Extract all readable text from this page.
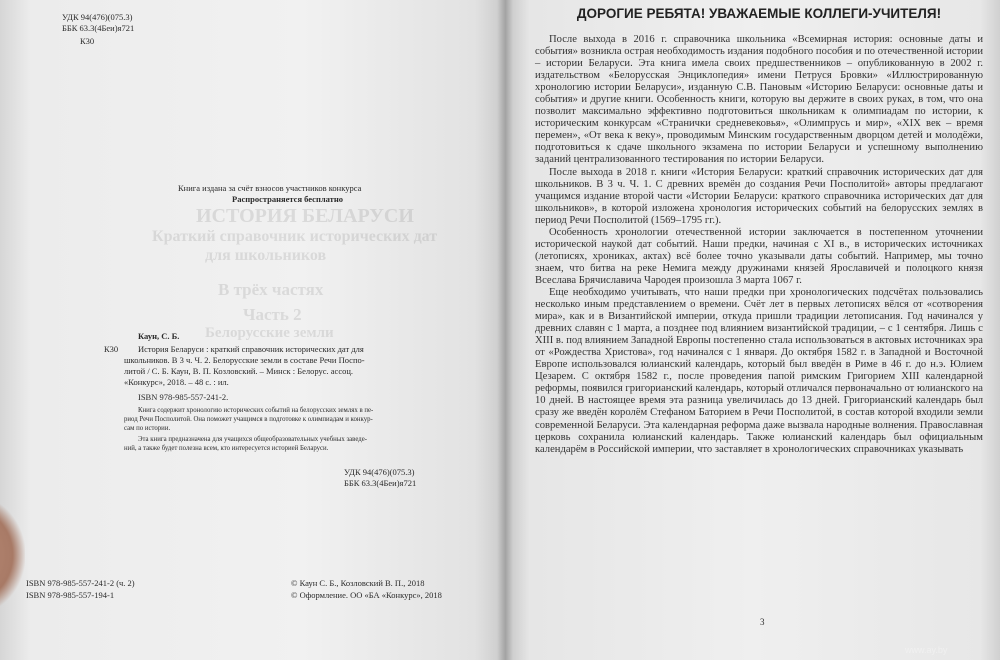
УДК 94(476)(075.3)
ББК 63.3(4Беи)я721
К30
Книга издана за счёт взносов участников конкурса
Распространяется бесплатно
ИСТОРИЯ БЕЛАРУСИ
Краткий справочник исторических дат
для школьников
В трёх частях
Часть 2
Белорусские земли
Каун, С. Б.
К30 История Беларуси : краткий справочник исторических дат для
школьников. В 3 ч. Ч. 2. Белорусские земли в составе Речи Поспо-
литой / С. Б. Каун, В. П. Козловский. – Минск : Белорус. ассоц.
«Конкурс», 2018. – 48 с. : ил.
ISBN 978-985-557-241-2.
Книга содержит хронологию исторических событий на белорусских землях в пе-
риод Речи Посполитой. Она поможет учащимся в подготовке к олимпиадам и конкур-
сам по истории.
Эта книга предназначена для учащихся общеобразовательных учебных заведе-
ний, а также будет полезна всем, кто интересуется историей Беларуси.
УДК 94(476)(075.3)
ББК 63.3(4Беи)я721
ISBN 978-985-557-241-2 (ч. 2)
ISBN 978-985-557-194-1
© Каун С. Б., Козловский В. П., 2018
© Оформление. ОО «БА «Конкурс», 2018
ДОРОГИЕ РЕБЯТА! УВАЖАЕМЫЕ КОЛЛЕГИ-УЧИТЕЛЯ!

После выхода в 2016 г. справочника школьника «Всемирная история: основные даты и события» возникла острая необходимость издания подобного пособия и по отечественной истории – истории Беларуси. Эта книга имела своих предшественников – опубликованную в 2002 г. издательством «Белорусская Энциклопедия» имени Петруся Бровки» «Иллюстрированную хронологию истории Беларуси», изданную С.В. Пановым «Историю Беларуси: основные даты и события» и другие книги. Особенность книги, которую вы держите в своих руках, в том, что она позволит максимально эффективно подготовиться школьникам к олимпиадам по истории, к историческим конкурсам «Странички средневековья», «Олимпрусь и мир», «XIX век – время перемен», «От века к веку», проводимым Минским государственным дворцом детей и молодёжи, подготовиться к сдаче школьного экзамена по истории Беларуси и успешному выполнению заданий централизованного тестирования по истории Беларуси.

После выхода в 2018 г. книги «История Беларуси: краткий справочник исторических дат для школьников. В 3 ч. Ч. 1. С древних времён до создания Речи Посполитой» авторы предлагают учащимся издание второй части «Истории Беларуси: краткого справочника исторических дат для школьников», в которой изложена хронология исторических событий на белорусских землях в период Речи Посполитой (1569–1795 гг.).

Особенность хронологии отечественной истории заключается в постепенном уточнении исторической наукой дат событий. Наши предки, начиная с XI в., в исторических источниках (летописях, хрониках, актах) всё более точно указывали даты событий. Например, мы точно знаем, что битва на реке Немига между дружинами князей Ярославичей и полоцкого князя Всеслава Брячиславича Чародея произошла 3 марта 1067 г.

Еще необходимо учитывать, что наши предки при хронологических подсчётах пользовались несколько иным представлением о времени. Счёт лет в первых летописях вёлся от «сотворения мира», как и в Византийской империи, откуда пришли традиции летописания. Год начинался у древних славян с 1 марта, а позднее под влиянием византийской традиции, – с 1 сентября. Лишь с XIII в. под влиянием Западной Европы постепенно стала использоваться в актовых источниках эра от «Рождества Христова», год начинался с 1 января. До октября 1582 г. в Западной и Восточной Европе использовался юлианский календарь, который был введён в Риме в 46 г. до н.э. Юлием Цезарем. С октября 1582 г., после проведения папой римским Григорием XIII календарной реформы, появился григорианский календарь, который отличался первоначально от юлианского на 10 дней. В настоящее время эта разница увеличилась до 13 дней. Григорианский календарь был сразу же введён королём Стефаном Баторием в Речи Посполитой, в состав которой входили земли современной Беларуси. Эта календарная реформа даже вызвала народные волнения. Православная церковь сохранила юлианский календарь. Также юлианский календарь был официальным календарём в Российской империи, что заставляет в хронологических справочниках указывать

3
www.ay.by
